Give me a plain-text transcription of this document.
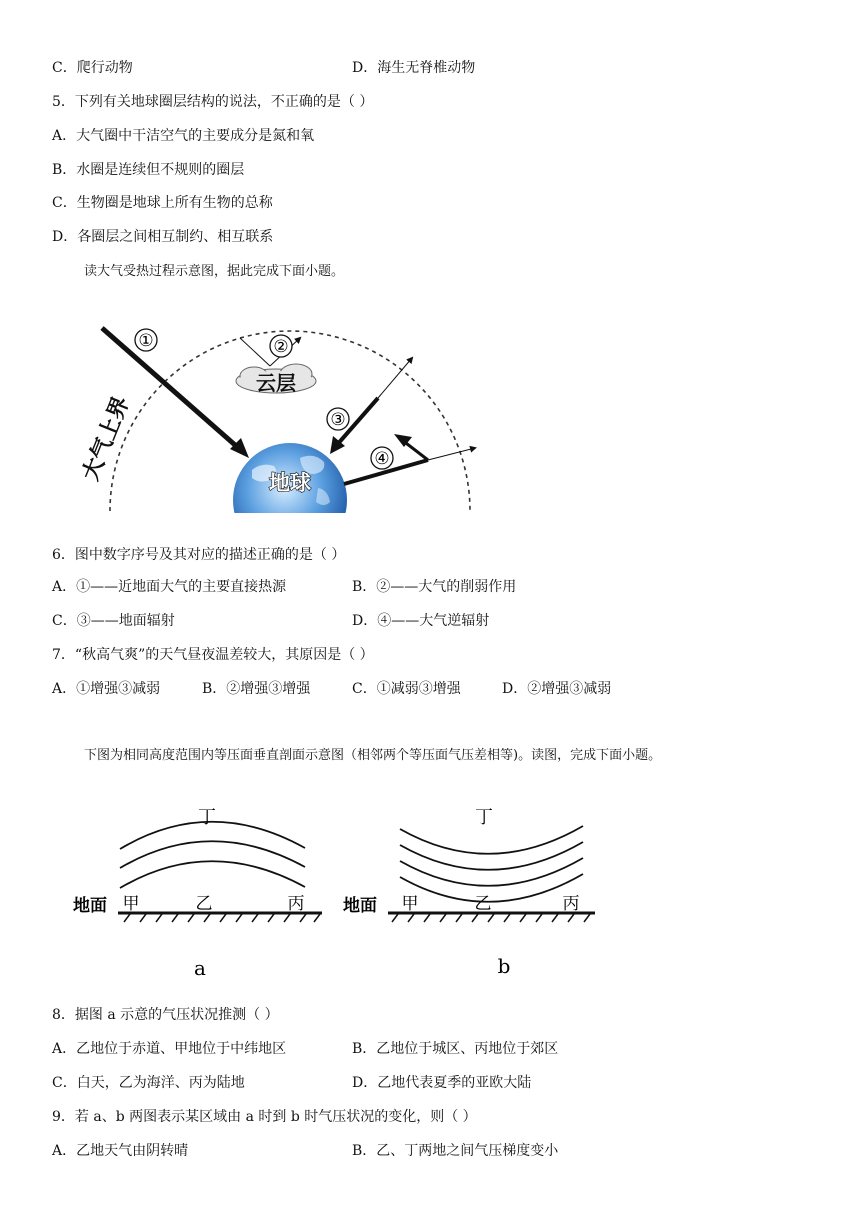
C．爬行动物	D．海生无脊椎动物
5．下列有关地球圈层结构的说法，不正确的是（ ）
A．大气圈中干洁空气的主要成分是氮和氧
B．水圈是连续但不规则的圈层
C．生物圈是地球上所有生物的总称
D．各圈层之间相互制约、相互联系
读大气受热过程示意图，据此完成下面小题。
地球
①	②
云层
③
④
大气上界
6．图中数字序号及其对应的描述正确的是（ ）
A．①——近地面大气的主要直接热源	B．②——大气的削弱作用
C．③——地面辐射	D．④——大气逆辐射
7．“秋高气爽”的天气昼夜温差较大，其原因是（ ）
A．①增强③减弱	B．②增强③增强	C．①减弱③增强	D．②增强③减弱
下图为相同高度范围内等压面垂直剖面示意图（相邻两个等压面气压差相等)。读图，完成下面小题。
丁
地面 甲	乙	丙
a
丁
地面 甲	乙	丙
b
8．据图 a 示意的气压状况推测（ ）
A．乙地位于赤道、甲地位于中纬地区	B．乙地位于城区、丙地位于郊区
C．白天，乙为海洋、丙为陆地	D．乙地代表夏季的亚欧大陆
9．若 a、b 两图表示某区域由 a 时到 b 时气压状况的变化，则（ ）
A．乙地天气由阴转晴	B．乙、丁两地之间气压梯度变小
